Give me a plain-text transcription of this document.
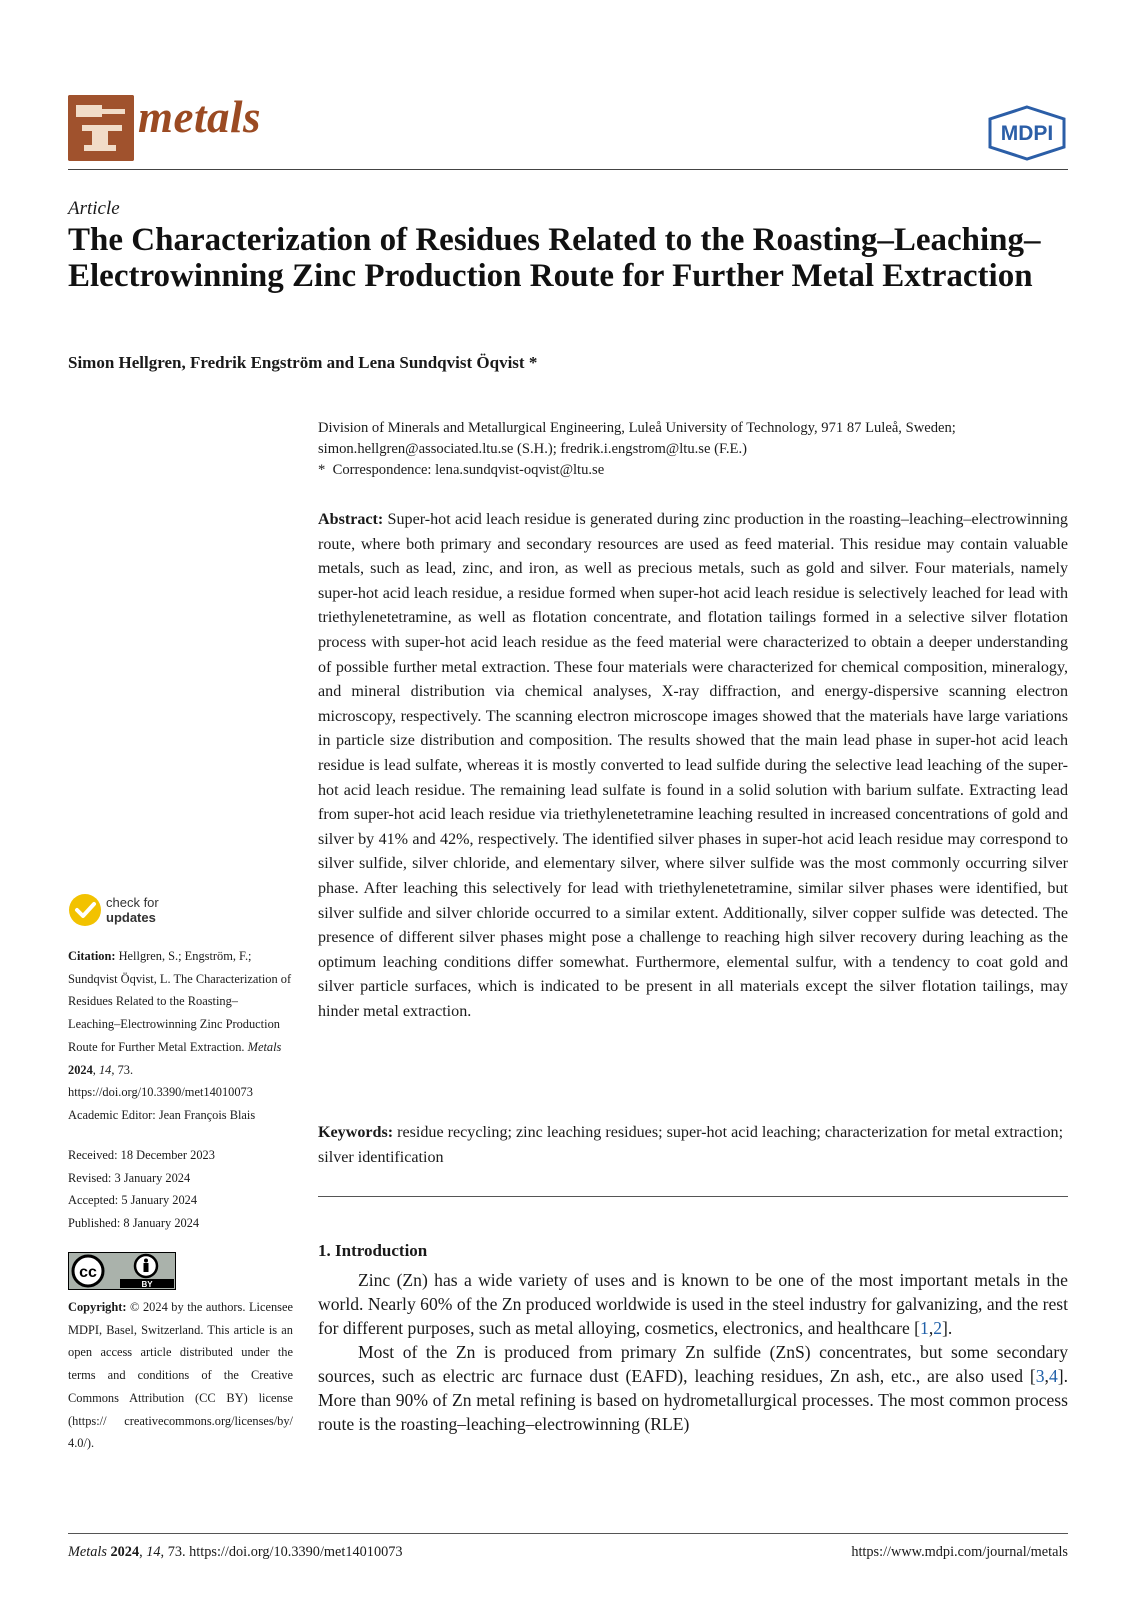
metals	MDPI
Article
The Characterization of Residues Related to the Roasting–Leaching–Electrowinning Zinc Production Route for Further Metal Extraction
Simon Hellgren, Fredrik Engström and Lena Sundqvist Öqvist *
Division of Minerals and Metallurgical Engineering, Luleå University of Technology, 971 87 Luleå, Sweden;
simon.hellgren@associated.ltu.se (S.H.); fredrik.i.engstrom@ltu.se (F.E.)
* Correspondence: lena.sundqvist-oqvist@ltu.se
Abstract: Super-hot acid leach residue is generated during zinc production in the roasting–leaching–electrowinning route, where both primary and secondary resources are used as feed material. This residue may contain valuable metals, such as lead, zinc, and iron, as well as precious metals, such as gold and silver. Four materials, namely super-hot acid leach residue, a residue formed when super-hot acid leach residue is selectively leached for lead with triethylenetetramine, as well as flotation concentrate, and flotation tailings formed in a selective silver flotation process with super-hot acid leach residue as the feed material were characterized to obtain a deeper understanding of possible further metal extraction. These four materials were characterized for chemical composition, mineralogy, and mineral distribution via chemical analyses, X-ray diffraction, and energy-dispersive scanning electron microscopy, respectively. The scanning electron microscope images showed that the materials have large variations in particle size distribution and composition. The results showed that the main lead phase in super-hot acid leach residue is lead sulfate, whereas it is mostly converted to lead sulfide during the selective lead leaching of the super-hot acid leach residue. The remaining lead sulfate is found in a solid solution with barium sulfate. Extracting lead from super-hot acid leach residue via triethylenetetramine leaching resulted in increased concentrations of gold and silver by 41% and 42%, respectively. The identified silver phases in super-hot acid leach residue may correspond to silver sulfide, silver chloride, and elementary silver, where silver sulfide was the most commonly occurring silver phase. After leaching this selectively for lead with triethylenetetramine, similar silver phases were identified, but silver sulfide and silver chloride occurred to a similar extent. Additionally, silver copper sulfide was detected. The presence of different silver phases might pose a challenge to reaching high silver recovery during leaching as the optimum leaching conditions differ somewhat. Furthermore, elemental sulfur, with a tendency to coat gold and silver particle surfaces, which is indicated to be present in all materials except the silver flotation tailings, may hinder metal extraction.
Keywords: residue recycling; zinc leaching residues; super-hot acid leaching; characterization for metal extraction; silver identification
1. Introduction

Zinc (Zn) has a wide variety of uses and is known to be one of the most important metals in the world. Nearly 60% of the Zn produced worldwide is used in the steel industry for galvanizing, and the rest for different purposes, such as metal alloying, cosmetics, electronics, and healthcare [1,2].

Most of the Zn is produced from primary Zn sulfide (ZnS) concentrates, but some secondary sources, such as electric arc furnace dust (EAFD), leaching residues, Zn ash, etc., are also used [3,4]. More than 90% of Zn metal refining is based on hydrometallurgical processes. The most common process route is the roasting–leaching–electrowinning (RLE)

check for
updates
Citation: Hellgren, S.; Engström, F.; Sundqvist Öqvist, L. The Characterization of Residues Related to the Roasting– Leaching–Electrowinning Zinc Production Route for Further Metal Extraction. Metals 2024, 14, 73. https://doi.org/10.3390/met14010073
Academic Editor: Jean François Blais
Received: 18 December 2023
Revised: 3 January 2024
Accepted: 5 January 2024
Published: 8 January 2024
cc
BY
Copyright: © 2024 by the authors. Licensee MDPI, Basel, Switzerland. This article is an open access article distributed under the terms and conditions of the Creative Commons Attribution (CC BY) license (https:// creativecommons.org/licenses/by/ 4.0/).
Metals 2024, 14, 73. https://doi.org/10.3390/met14010073	https://www.mdpi.com/journal/metals
